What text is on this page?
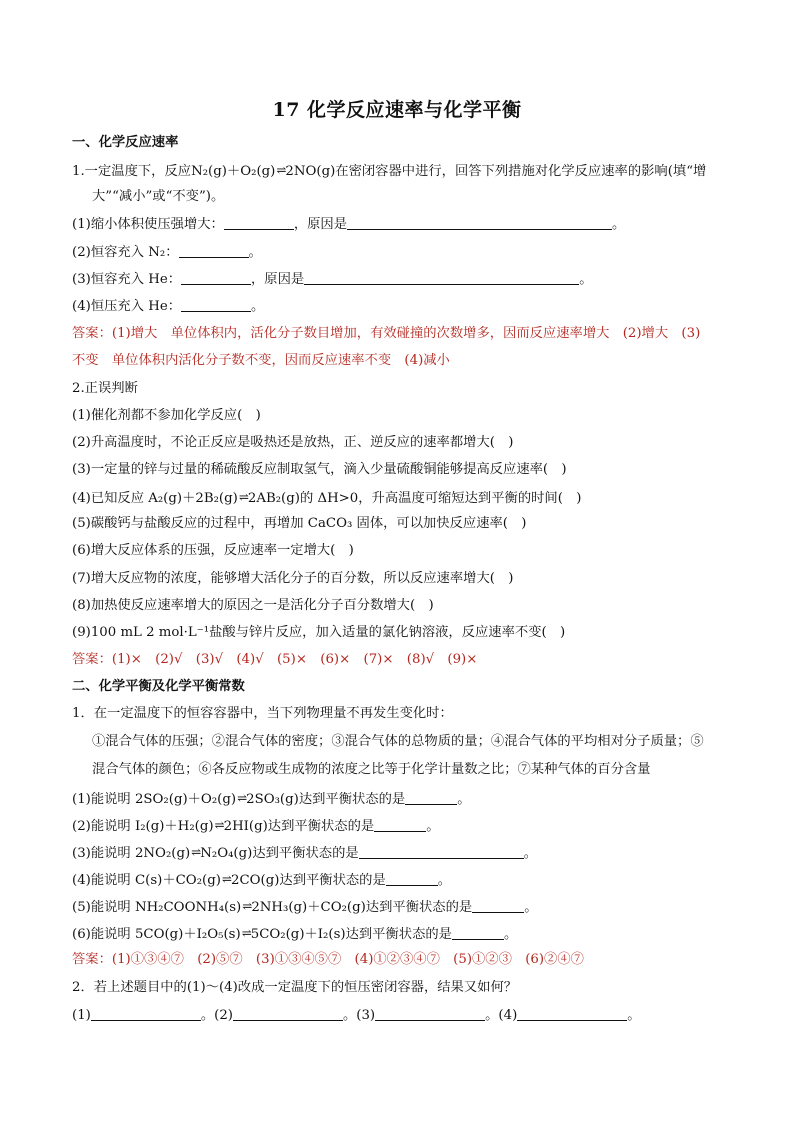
17 化学反应速率与化学平衡
一、化学反应速率
1.一定温度下，反应N₂(g)＋O₂(g)⇌2NO(g)在密闭容器中进行，回答下列措施对化学反应速率的影响(填“增
大”“减小”或“不变”)。
(1)缩小体积使压强增大：	，原因是	。
(2)恒容充入 N₂：	。
(3)恒容充入 He：	，原因是	。
(4)恒压充入 He：	。
答案：(1)增大　单位体积内，活化分子数目增加，有效碰撞的次数增多，因而反应速率增大　(2)增大　(3)
不变　单位体积内活化分子数不变，因而反应速率不变　(4)减小
2.正误判断
(1)催化剂都不参加化学反应(　)
(2)升高温度时，不论正反应是吸热还是放热，正、逆反应的速率都增大(　)
(3)一定量的锌与过量的稀硫酸反应制取氢气，滴入少量硫酸铜能够提高反应速率(　)
(4)已知反应 A₂(g)＋2B₂(g)⇌2AB₂(g)的 ΔH>0，升高温度可缩短达到平衡的时间(　)
(5)碳酸钙与盐酸反应的过程中，再增加 CaCO₃ 固体，可以加快反应速率(　)
(6)增大反应体系的压强，反应速率一定增大(　)
(7)增大反应物的浓度，能够增大活化分子的百分数，所以反应速率增大(　)
(8)加热使反应速率增大的原因之一是活化分子百分数增大(　)
(9)100 mL 2 mol·L⁻¹盐酸与锌片反应，加入适量的氯化钠溶液，反应速率不变(　)
答案：(1)×　(2)√　(3)√　(4)√　(5)×　(6)×　(7)×　(8)√　(9)×
二、化学平衡及化学平衡常数
1．在一定温度下的恒容容器中，当下列物理量不再发生变化时：
①混合气体的压强；②混合气体的密度；③混合气体的总物质的量；④混合气体的平均相对分子质量；⑤
混合气体的颜色；⑥各反应物或生成物的浓度之比等于化学计量数之比；⑦某种气体的百分含量
(1)能说明 2SO₂(g)＋O₂(g)⇌2SO₃(g)达到平衡状态的是	。
(2)能说明 I₂(g)＋H₂(g)⇌2HI(g)达到平衡状态的是	。
(3)能说明 2NO₂(g)⇌N₂O₄(g)达到平衡状态的是	。
(4)能说明 C(s)＋CO₂(g)⇌2CO(g)达到平衡状态的是	。
(5)能说明 NH₂COONH₄(s)⇌2NH₃(g)＋CO₂(g)达到平衡状态的是	。
(6)能说明 5CO(g)＋I₂O₅(s)⇌5CO₂(g)＋I₂(s)达到平衡状态的是	。
答案：(1)①③④⑦　(2)⑤⑦　(3)①③④⑤⑦　(4)①②③④⑦　(5)①②③　(6)②④⑦
2．若上述题目中的(1)～(4)改成一定温度下的恒压密闭容器，结果又如何？
(1)	。(2)	。(3)	。(4)	。
